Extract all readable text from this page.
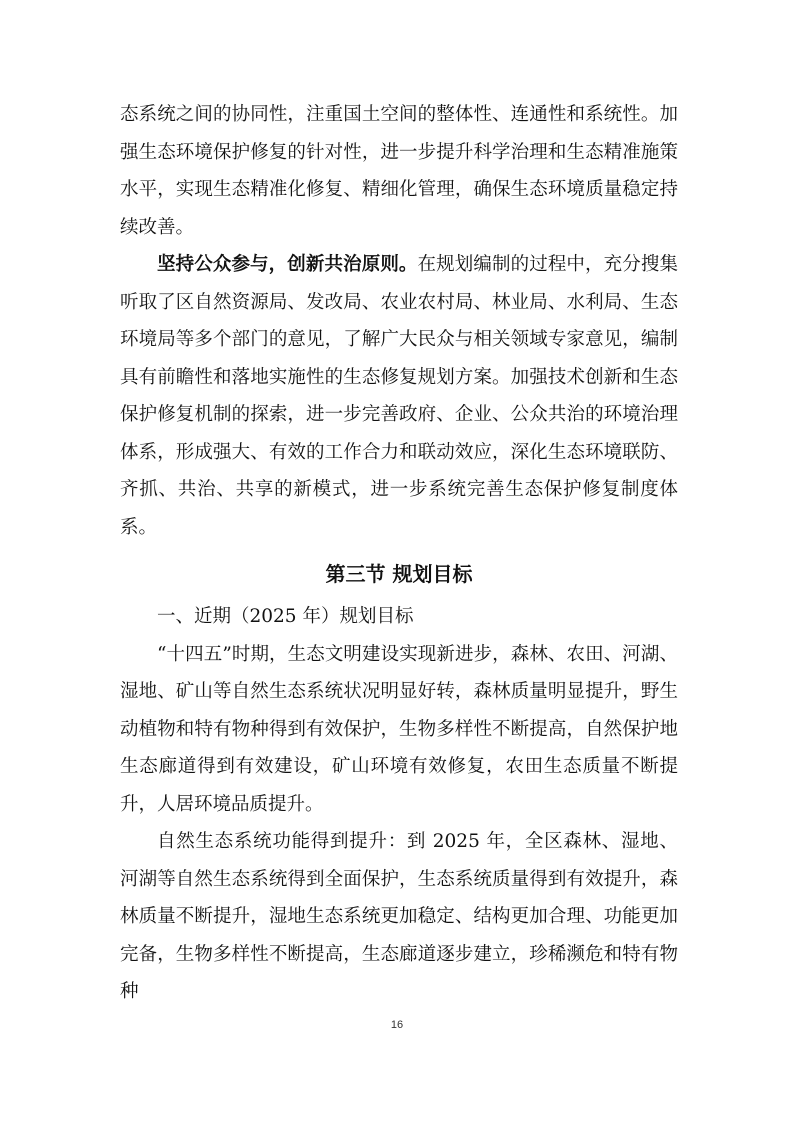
态系统之间的协同性，注重国土空间的整体性、连通性和系统性。加强生态环境保护修复的针对性，进一步提升科学治理和生态精准施策水平，实现生态精准化修复、精细化管理，确保生态环境质量稳定持续改善。

坚持公众参与，创新共治原则。在规划编制的过程中，充分搜集听取了区自然资源局、发改局、农业农村局、林业局、水利局、生态环境局等多个部门的意见，了解广大民众与相关领域专家意见，编制具有前瞻性和落地实施性的生态修复规划方案。加强技术创新和生态保护修复机制的探索，进一步完善政府、企业、公众共治的环境治理体系，形成强大、有效的工作合力和联动效应，深化生态环境联防、齐抓、共治、共享的新模式，进一步系统完善生态保护修复制度体系。

第三节 规划目标

一、近期（2025 年）规划目标

“十四五”时期，生态文明建设实现新进步，森林、农田、河湖、湿地、矿山等自然生态系统状况明显好转，森林质量明显提升，野生动植物和特有物种得到有效保护，生物多样性不断提高，自然保护地生态廊道得到有效建设，矿山环境有效修复，农田生态质量不断提升，人居环境品质提升。

自然生态系统功能得到提升：到 2025 年，全区森林、湿地、河湖等自然生态系统得到全面保护，生态系统质量得到有效提升，森林质量不断提升，湿地生态系统更加稳定、结构更加合理、功能更加完备，生物多样性不断提高，生态廊道逐步建立，珍稀濒危和特有物种

16
